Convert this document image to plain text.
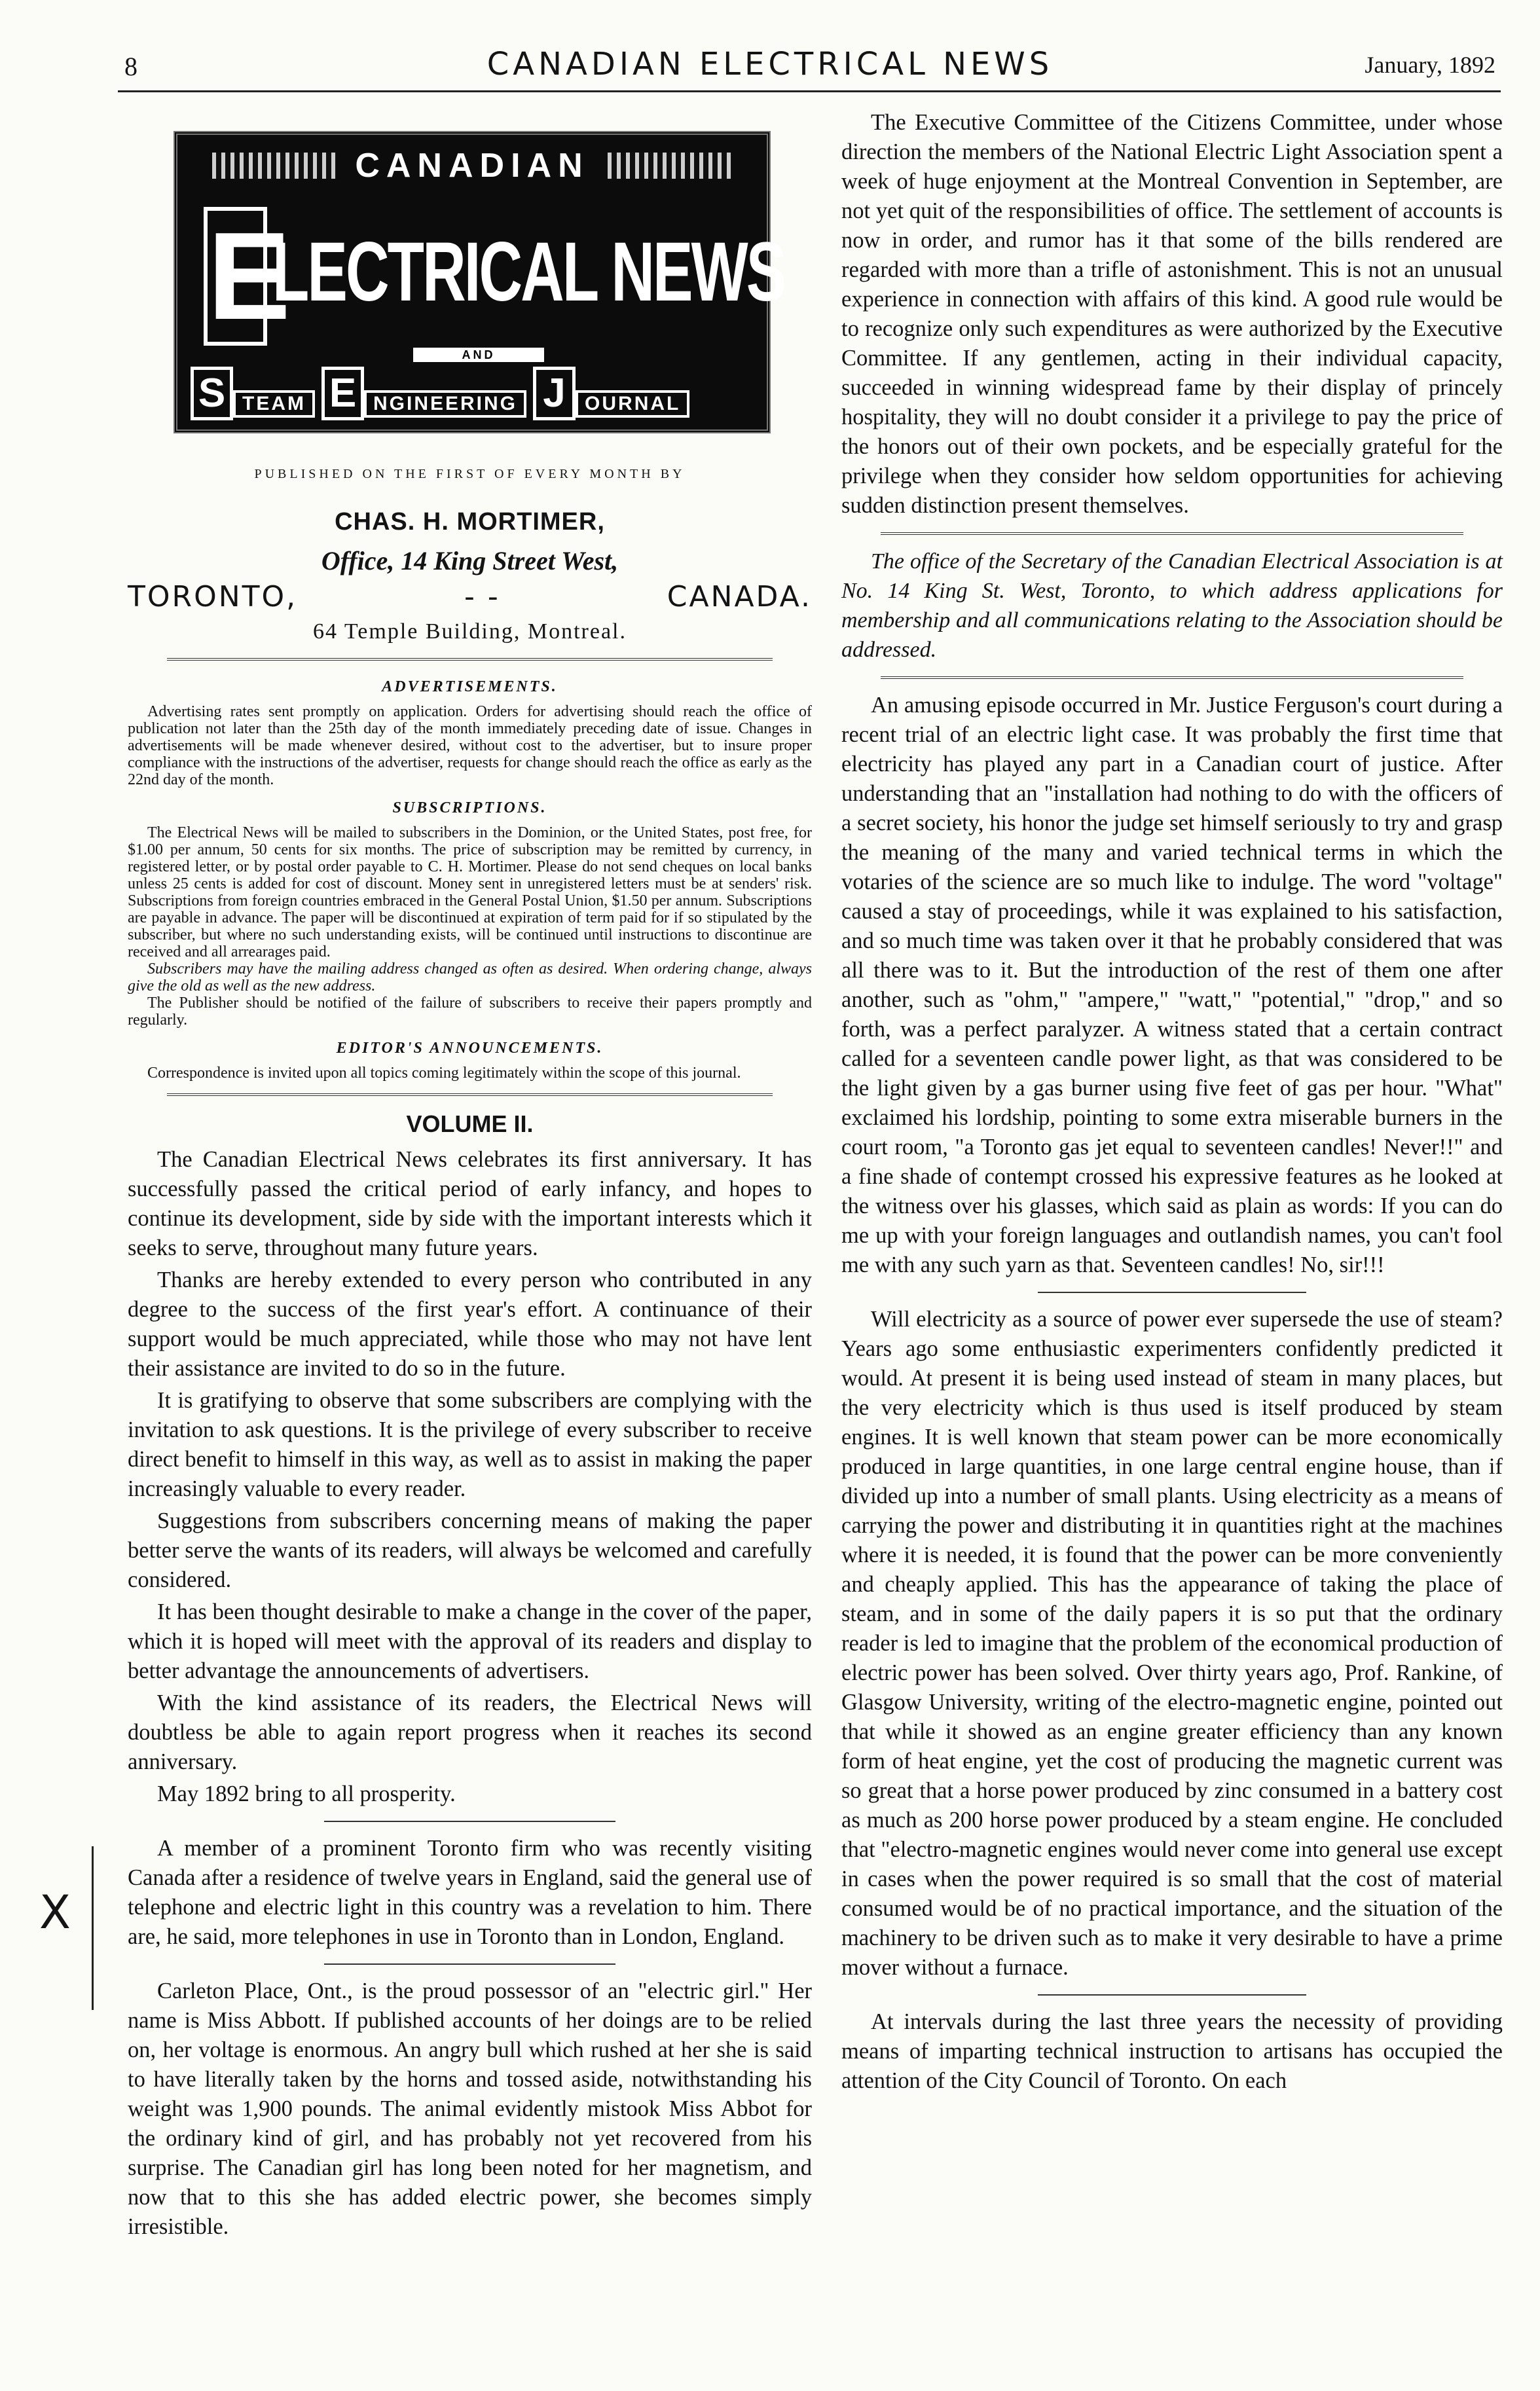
8	CANADIAN ELECTRICAL NEWS	January, 1892
CANADIAN
E
LECTRICAL NEWS
AND
S TEAM E NGINEERING J OURNAL
PUBLISHED ON THE FIRST OF EVERY MONTH BY
CHAS. H. MORTIMER,
Office, 14 King Street West,
TORONTO,	- -	CANADA.
64 Temple Building, Montreal.
ADVERTISEMENTS.

Advertising rates sent promptly on application. Orders for advertising should reach the office of publication not later than the 25th day of the month immediately preceding date of issue. Changes in advertisements will be made whenever desired, without cost to the advertiser, but to insure proper compliance with the instructions of the advertiser, requests for change should reach the office as early as the 22nd day of the month.

SUBSCRIPTIONS.

The Electrical News will be mailed to subscribers in the Dominion, or the United States, post free, for $1.00 per annum, 50 cents for six months. The price of subscription may be remitted by currency, in registered letter, or by postal order payable to C. H. Mortimer. Please do not send cheques on local banks unless 25 cents is added for cost of discount. Money sent in unregistered letters must be at senders' risk. Subscriptions from foreign countries embraced in the General Postal Union, $1.50 per annum. Subscriptions are payable in advance. The paper will be discontinued at expiration of term paid for if so stipulated by the subscriber, but where no such understanding exists, will be continued until instructions to discontinue are received and all arrearages paid.

Subscribers may have the mailing address changed as often as desired. When ordering change, always give the old as well as the new address.

The Publisher should be notified of the failure of subscribers to receive their papers promptly and regularly.

EDITOR'S ANNOUNCEMENTS.

Correspondence is invited upon all topics coming legitimately within the scope of this journal.

VOLUME II.

The Canadian Electrical News celebrates its first anniversary. It has successfully passed the critical period of early infancy, and hopes to continue its development, side by side with the important interests which it seeks to serve, throughout many future years.

Thanks are hereby extended to every person who contributed in any degree to the success of the first year's effort. A continuance of their support would be much appreciated, while those who may not have lent their assistance are invited to do so in the future.

It is gratifying to observe that some subscribers are complying with the invitation to ask questions. It is the privilege of every subscriber to receive direct benefit to himself in this way, as well as to assist in making the paper increasingly valuable to every reader.

Suggestions from subscribers concerning means of making the paper better serve the wants of its readers, will always be welcomed and carefully considered.

It has been thought desirable to make a change in the cover of the paper, which it is hoped will meet with the approval of its readers and display to better advantage the announcements of advertisers.

With the kind assistance of its readers, the Electrical News will doubtless be able to again report progress when it reaches its second anniversary.

May 1892 bring to all prosperity.

A member of a prominent Toronto firm who was recently visiting Canada after a residence of twelve years in England, said the general use of telephone and electric light in this country was a revelation to him. There are, he said, more telephones in use in Toronto than in London, England.

Carleton Place, Ont., is the proud possessor of an "electric girl." Her name is Miss Abbott. If published accounts of her doings are to be relied on, her voltage is enormous. An angry bull which rushed at her she is said to have literally taken by the horns and tossed aside, notwithstanding his weight was 1,900 pounds. The animal evidently mistook Miss Abbot for the ordinary kind of girl, and has probably not yet recovered from his surprise. The Canadian girl has long been noted for her magnetism, and now that to this she has added electric power, she becomes simply irresistible.

The Executive Committee of the Citizens Committee, under whose direction the members of the National Electric Light Association spent a week of huge enjoyment at the Montreal Convention in September, are not yet quit of the responsibilities of office. The settlement of accounts is now in order, and rumor has it that some of the bills rendered are regarded with more than a trifle of astonishment. This is not an unusual experience in connection with affairs of this kind. A good rule would be to recognize only such expenditures as were authorized by the Executive Committee. If any gentlemen, acting in their individual capacity, succeeded in winning widespread fame by their display of princely hospitality, they will no doubt consider it a privilege to pay the price of the honors out of their own pockets, and be especially grateful for the privilege when they consider how seldom opportunities for achieving sudden distinction present themselves.

The office of the Secretary of the Canadian Electrical Association is at No. 14 King St. West, Toronto, to which address applications for membership and all communications relating to the Association should be addressed.

An amusing episode occurred in Mr. Justice Ferguson's court during a recent trial of an electric light case. It was probably the first time that electricity has played any part in a Canadian court of justice. After understanding that an "installation had nothing to do with the officers of a secret society, his honor the judge set himself seriously to try and grasp the meaning of the many and varied technical terms in which the votaries of the science are so much like to indulge. The word "voltage" caused a stay of proceedings, while it was explained to his satisfaction, and so much time was taken over it that he probably considered that was all there was to it. But the introduction of the rest of them one after another, such as "ohm," "ampere," "watt," "potential," "drop," and so forth, was a perfect paralyzer. A witness stated that a certain contract called for a seventeen candle power light, as that was considered to be the light given by a gas burner using five feet of gas per hour. "What" exclaimed his lordship, pointing to some extra miserable burners in the court room, "a Toronto gas jet equal to seventeen candles! Never!!" and a fine shade of contempt crossed his expressive features as he looked at the witness over his glasses, which said as plain as words: If you can do me up with your foreign languages and outlandish names, you can't fool me with any such yarn as that. Seventeen candles! No, sir!!!

Will electricity as a source of power ever supersede the use of steam? Years ago some enthusiastic experimenters confidently predicted it would. At present it is being used instead of steam in many places, but the very electricity which is thus used is itself produced by steam engines. It is well known that steam power can be more economically produced in large quantities, in one large central engine house, than if divided up into a number of small plants. Using electricity as a means of carrying the power and distributing it in quantities right at the machines where it is needed, it is found that the power can be more conveniently and cheaply applied. This has the appearance of taking the place of steam, and in some of the daily papers it is so put that the ordinary reader is led to imagine that the problem of the economical production of electric power has been solved. Over thirty years ago, Prof. Rankine, of Glasgow University, writing of the electro-magnetic engine, pointed out that while it showed as an engine greater efficiency than any known form of heat engine, yet the cost of producing the magnetic current was so great that a horse power produced by zinc consumed in a battery cost as much as 200 horse power produced by a steam engine. He concluded that "electro-magnetic engines would never come into general use except in cases when the power required is so small that the cost of material consumed would be of no practical importance, and the situation of the machinery to be driven such as to make it very desirable to have a prime mover without a furnace.

At intervals during the last three years the necessity of providing means of imparting technical instruction to artisans has occupied the attention of the City Council of Toronto. On each

X
